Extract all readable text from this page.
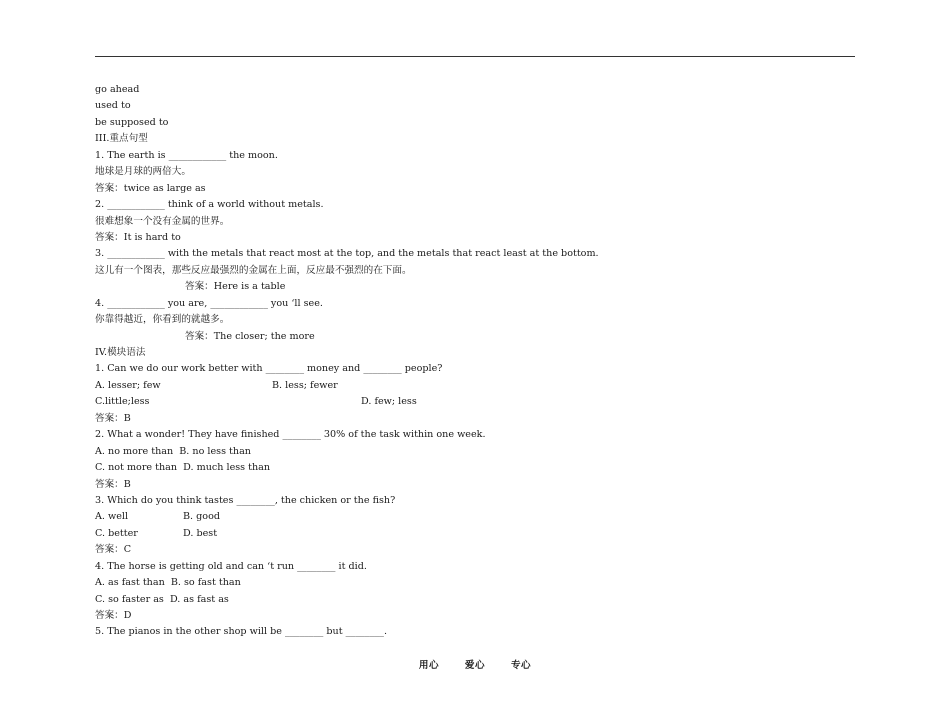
go ahead
used to
be supposed to
III.重点句型
1. The earth is ____________ the moon.
地球是月球的两倍大。
答案：twice as large as
2. ____________ think of a world without metals.
很难想象一个没有金属的世界。
答案：It is hard to
3. ____________ with the metals that react most at the top, and the metals that react least at the bottom.
这儿有一个图表，那些反应最强烈的金属在上面，反应最不强烈的在下面。
答案：Here is a table
4. ____________ you are, ____________ you ‘ll see.
你靠得越近，你看到的就越多。
答案：The closer; the more
IV.模块语法
1. Can we do our work better with ________ money and ________ people?

A. lesser; few

	B. less; fewer

C.little;less

	D. few; less

答案：B
2. What a wonder! They have finished ________ 30% of the task within one week.
A. no more than  B. no less than
C. not more than  D. much less than
答案：B
3. Which do you think tastes ________, the chicken or the fish?

A. well

	B. good

C. better

	D. best

答案：C
4. The horse is getting old and can ‘t run ________ it did.
A. as fast than  B. so fast than
C. so faster as  D. as fast as
答案：D
5. The pianos in the other shop will be ________ but ________.
用心	爱心	专心
